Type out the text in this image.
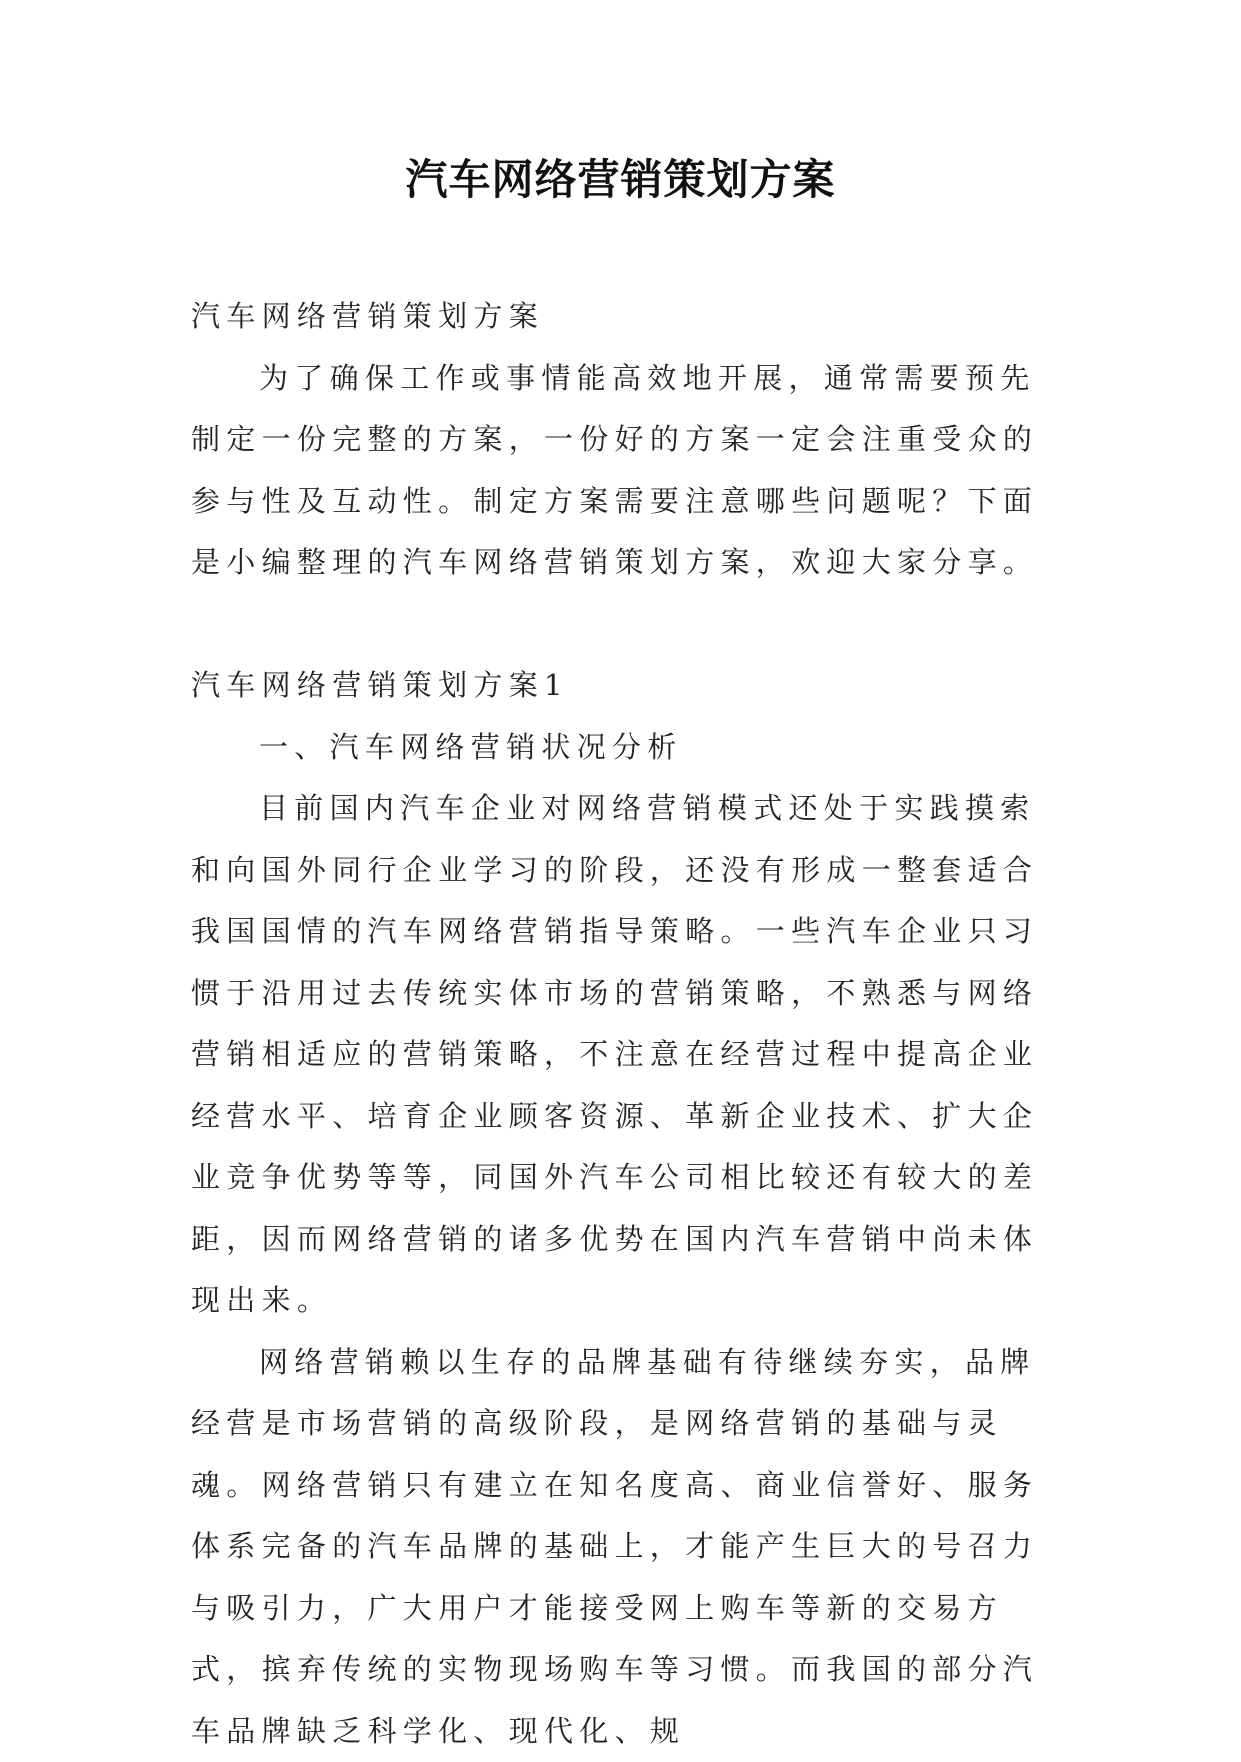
汽车网络营销策划方案

汽车网络营销策划方案

为了确保工作或事情能高效地开展，通常需要预先制定一份完整的方案，一份好的方案一定会注重受众的参与性及互动性。制定方案需要注意哪些问题呢？下面是小编整理的汽车网络营销策划方案，欢迎大家分享。

汽车网络营销策划方案1

一、汽车网络营销状况分析

目前国内汽车企业对网络营销模式还处于实践摸索和向国外同行企业学习的阶段，还没有形成一整套适合我国国情的汽车网络营销指导策略。一些汽车企业只习惯于沿用过去传统实体市场的营销策略，不熟悉与网络营销相适应的营销策略，不注意在经营过程中提高企业经营水平、培育企业顾客资源、革新企业技术、扩大企业竞争优势等等，同国外汽车公司相比较还有较大的差距，因而网络营销的诸多优势在国内汽车营销中尚未体现出来。

网络营销赖以生存的品牌基础有待继续夯实，品牌经营是市场营销的高级阶段，是网络营销的基础与灵魂。网络营销只有建立在知名度高、商业信誉好、服务体系完备的汽车品牌的基础上，才能产生巨大的号召力与吸引力，广大用户才能接受网上购车等新的交易方式，摈弃传统的实物现场购车等习惯。而我国的部分汽车品牌缺乏科学化、现代化、规
